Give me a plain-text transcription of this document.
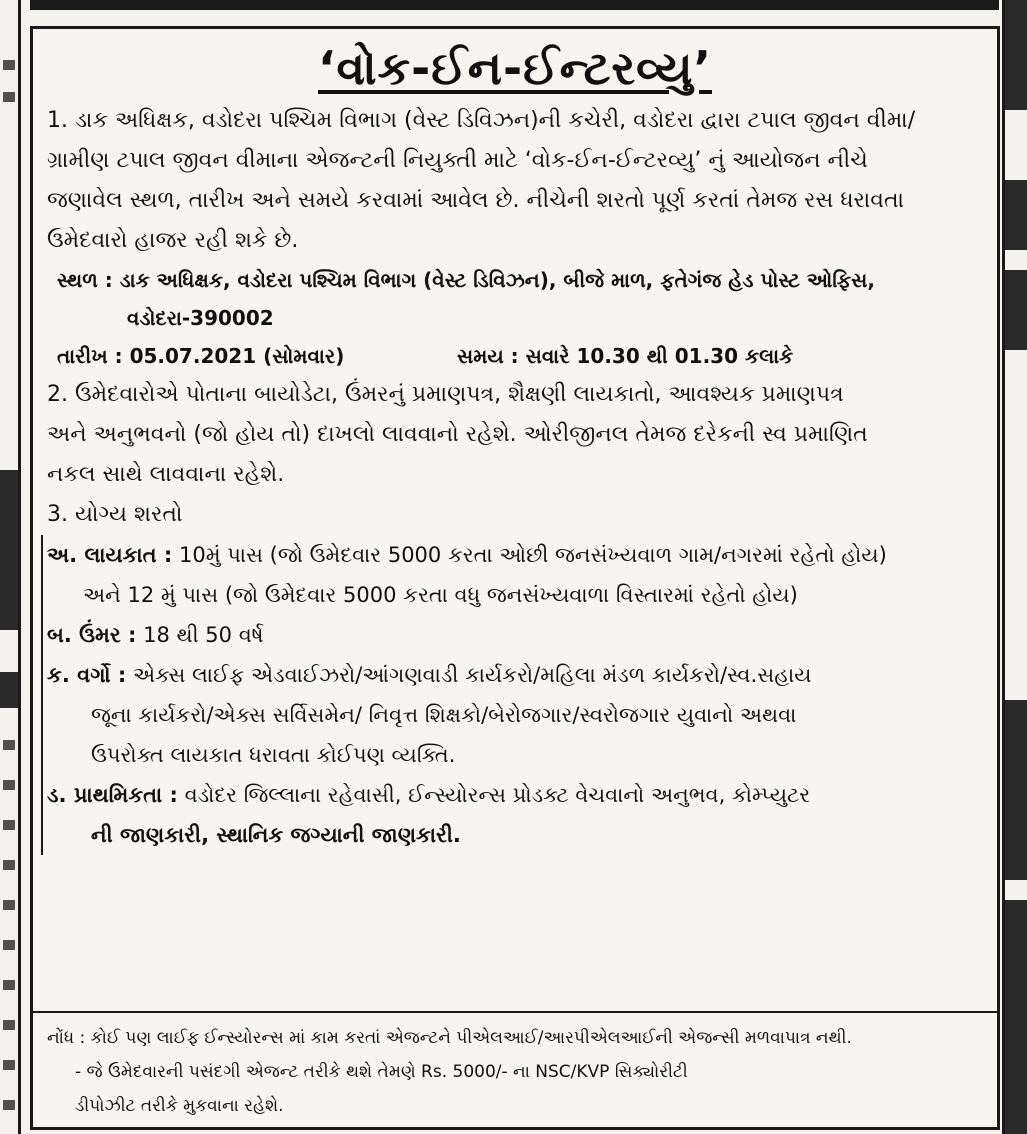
‘વોક-ઈન-ઈન્ટરવ્યુ’

1. ડાક અધિક્ષક, વડોદરા પશ્ચિમ વિભાગ (વેસ્ટ ડિવિઝન)ની કચેરી, વડોદરા દ્વારા ટપાલ જીવન વીમા/

ગ્રામીણ ટપાલ જીવન વીમાના એજન્ટની નિયુક્તી માટે ‘વોક-ઈન-ઈન્ટરવ્યુ’ નું આયોજન નીચે

જણાવેલ સ્થળ, તારીખ અને સમયે કરવામાં આવેલ છે. નીચેની શરતો પૂર્ણ કરતાં તેમજ રસ ધરાવતા

ઉમેદવારો હાજર રહી શકે છે.

સ્થળ : ડાક અધિક્ષક, વડોદરા પશ્ચિમ વિભાગ (વેસ્ટ ડિવિઝન), બીજે માળ, ફતેગંજ હેડ પોસ્ટ ઓફિસ,

વડોદરા-390002

તારીખ : 05.07.2021 (સોમવાર)	સમય : સવારે 10.30 થી 01.30 કલાકે

2. ઉમેદવારોએ પોતાના બાયોડેટા, ઉંમરનું પ્રમાણપત્ર, શૈક્ષણી લાયકાતો, આવશ્યક પ્રમાણપત્ર

અને અનુભવનો (જો હોય તો) દાખલો લાવવાનો રહેશે. ઓરીજીનલ તેમજ દરેકની સ્વ પ્રમાણિત

નકલ સાથે લાવવાના રહેશે.

3. યોગ્ય શરતો

અ. લાયકાત : 10મું પાસ (જો ઉમેદવાર 5000 કરતા ઓછી જનસંખ્યવાળ ગામ/નગરમાં રહેતો હોય)

અને 12 મું પાસ (જો ઉમેદવાર 5000 કરતા વધુ જનસંખ્યવાળા વિસ્તારમાં રહેતો હોય)

બ. ઉંમર : 18 થી 50 વર્ષ

ક. વર્ગો : એક્સ લાઈફ એડવાઈઝરો/આંગણવાડી કાર્યકરો/મહિલા મંડળ કાર્યકરો/સ્વ.સહાય

જૂના કાર્યકરો/એક્સ સર્વિસમેન/ નિવૃત્ત શિક્ષકો/બેરોજગાર/સ્વરોજગાર યુવાનો અથવા

ઉપરોક્ત લાયકાત ધરાવતા કોઈપણ વ્યક્તિ.

ડ. પ્રાથમિકતા : વડોદર જિલ્લાના રહેવાસી, ઈન્સ્યોરન્સ પ્રોડક્ટ વેચવાનો અનુભવ, કોમ્પ્યુટર

ની જાણકારી, સ્થાનિક જગ્યાની જાણકારી.

નોંધ : કોઈ પણ લાઈફ ઈન્સ્યોરન્સ માં કામ કરતાં એજન્ટને પીએલઆઈ/આરપીએલઆઈની એજન્સી મળવાપાત્ર નથી.

- જે ઉમેદવારની પસંદગી એજન્ટ તરીકે થશે તેમણે Rs. 5000/- ના NSC/KVP સિક્યોરીટી

ડીપોઝીટ તરીકે મુકવાના રહેશે.
